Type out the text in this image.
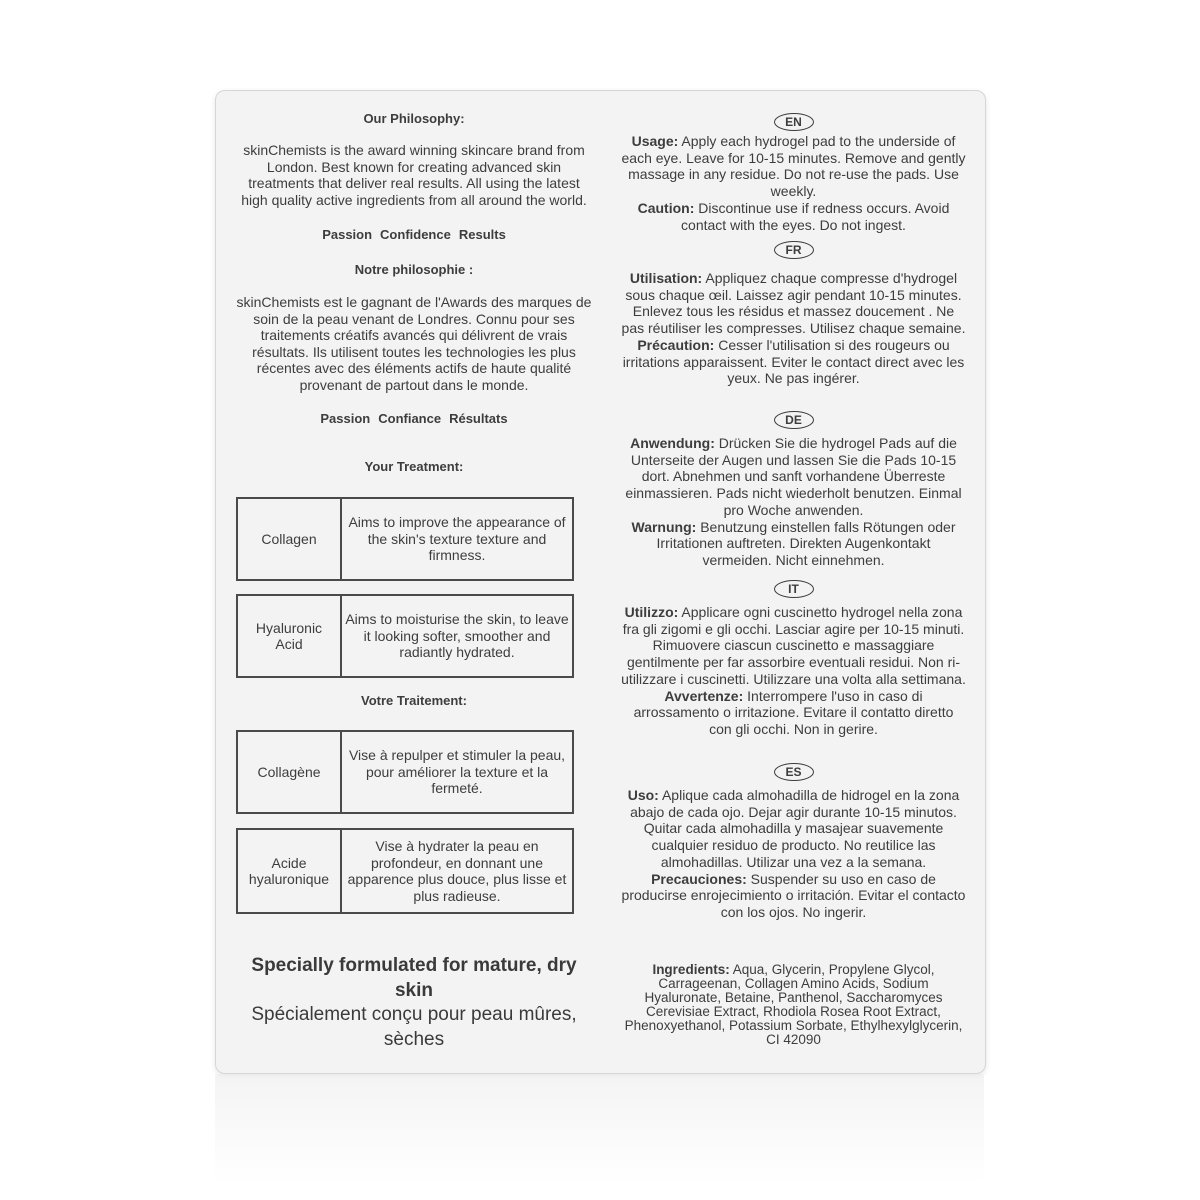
Our Philosophy:
skinChemists is the award winning skincare brand from London. Best known for creating advanced skin treatments that deliver real results. All using the latest high quality active ingredients from all around the world.
Passion Confidence Results
Notre philosophie :
skinChemists est le gagnant de l'Awards des marques de soin de la peau venant de Londres. Connu pour ses traitements créatifs avancés qui délivrent de vrais résultats. Ils utilisent toutes les technologies les plus récentes avec des éléments actifs de haute qualité provenant de partout dans le monde.
Passion Confiance Résultats
Your Treatment:
Collagen
Aims to improve the appearance of the skin's texture texture and firmness.
Hyaluronic Acid
Aims to moisturise the skin, to leave it looking softer, smoother and radiantly hydrated.
Votre Traitement:
Collagène
Vise à repulper et stimuler la peau, pour améliorer la texture et la fermeté.
Acide hyaluronique
Vise à hydrater la peau en profondeur, en donnant une apparence plus douce, plus lisse et plus radieuse.
Specially formulated for mature, dry skin
Spécialement conçu pour peau mûres, sèches
EN
Usage: Apply each hydrogel pad to the underside of each eye. Leave for 10-15 minutes. Remove and gently massage in any residue. Do not re-use the pads. Use weekly.
Caution: Discontinue use if redness occurs. Avoid contact with the eyes. Do not ingest.
FR
Utilisation: Appliquez chaque compresse d'hydrogel sous chaque œil. Laissez agir pendant 10-15 minutes. Enlevez tous les résidus et massez doucement . Ne pas réutiliser les compresses. Utilisez chaque semaine.
Précaution: Cesser l'utilisation si des rougeurs ou irritations apparaissent. Eviter le contact direct avec les yeux. Ne pas ingérer.
DE
Anwendung: Drücken Sie die hydrogel Pads auf die Unterseite der Augen und lassen Sie die Pads 10-15 dort. Abnehmen und sanft vorhandene Überreste einmassieren. Pads nicht wiederholt benutzen. Einmal pro Woche anwenden.
Warnung: Benutzung einstellen falls Rötungen oder Irritationen auftreten. Direkten Augenkontakt vermeiden. Nicht einnehmen.
IT
Utilizzo: Applicare ogni cuscinetto hydrogel nella zona fra gli zigomi e gli occhi. Lasciar agire per 10-15 minuti. Rimuovere ciascun cuscinetto e massaggiare gentilmente per far assorbire eventuali residui. Non ri-utilizzare i cuscinetti. Utilizzare una volta alla settimana.
Avvertenze: Interrompere l'uso in caso di arrossamento o irritazione. Evitare il contatto diretto con gli occhi. Non in gerire.
ES
Uso: Aplique cada almohadilla de hidrogel en la zona abajo de cada ojo. Dejar agir durante 10-15 minutos. Quitar cada almohadilla y masajear suavemente cualquier residuo de producto. No reutilice las almohadillas. Utilizar una vez a la semana.
Precauciones: Suspender su uso en caso de producirse enrojecimiento o irritación. Evitar el contacto con los ojos. No ingerir.
Ingredients: Aqua, Glycerin, Propylene Glycol, Carrageenan, Collagen Amino Acids, Sodium Hyaluronate, Betaine, Panthenol, Saccharomyces Cerevisiae Extract, Rhodiola Rosea Root Extract, Phenoxyethanol, Potassium Sorbate, Ethylhexylglycerin, CI 42090
